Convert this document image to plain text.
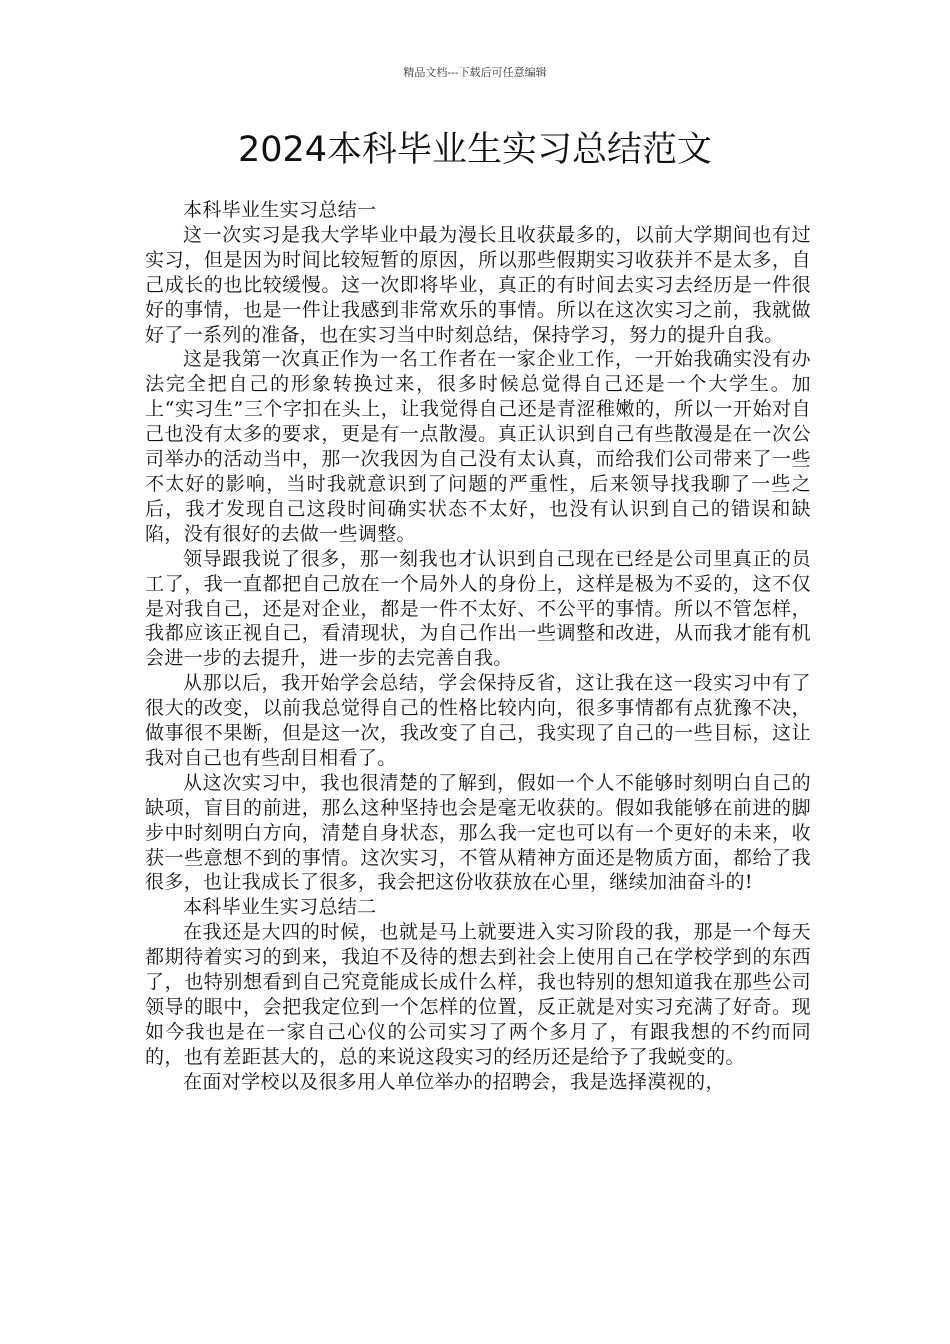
精品文档---下载后可任意编辑
2024本科毕业生实习总结范文

本科毕业生实习总结一

这一次实习是我大学毕业中最为漫长且收获最多的，以前大学期间也有过实习，但是因为时间比较短暂的原因，所以那些假期实习收获并不是太多，自己成长的也比较缓慢。这一次即将毕业，真正的有时间去实习去经历是一件很好的事情，也是一件让我感到非常欢乐的事情。所以在这次实习之前，我就做好了一系列的准备，也在实习当中时刻总结，保持学习，努力的提升自我。

这是我第一次真正作为一名工作者在一家企业工作，一开始我确实没有办法完全把自己的形象转换过来，很多时候总觉得自己还是一个大学生。加上“实习生”三个字扣在头上，让我觉得自己还是青涩稚嫩的，所以一开始对自己也没有太多的要求，更是有一点散漫。真正认识到自己有些散漫是在一次公司举办的活动当中，那一次我因为自己没有太认真，而给我们公司带来了一些不太好的影响，当时我就意识到了问题的严重性，后来领导找我聊了一些之后，我才发现自己这段时间确实状态不太好，也没有认识到自己的错误和缺陷，没有很好的去做一些调整。

领导跟我说了很多，那一刻我也才认识到自己现在已经是公司里真正的员工了，我一直都把自己放在一个局外人的身份上，这样是极为不妥的，这不仅是对我自己，还是对企业，都是一件不太好、不公平的事情。所以不管怎样，我都应该正视自己，看清现状，为自己作出一些调整和改进，从而我才能有机会进一步的去提升，进一步的去完善自我。

从那以后，我开始学会总结，学会保持反省，这让我在这一段实习中有了很大的改变，以前我总觉得自己的性格比较内向，很多事情都有点犹豫不决，做事很不果断，但是这一次，我改变了自己，我实现了自己的一些目标，这让我对自己也有些刮目相看了。

从这次实习中，我也很清楚的了解到，假如一个人不能够时刻明白自己的缺项，盲目的前进，那么这种坚持也会是毫无收获的。假如我能够在前进的脚步中时刻明白方向，清楚自身状态，那么我一定也可以有一个更好的未来，收获一些意想不到的事情。这次实习，不管从精神方面还是物质方面，都给了我很多，也让我成长了很多，我会把这份收获放在心里，继续加油奋斗的!

本科毕业生实习总结二

在我还是大四的时候，也就是马上就要进入实习阶段的我，那是一个每天都期待着实习的到来，我迫不及待的想去到社会上使用自己在学校学到的东西了，也特别想看到自己究竟能成长成什么样，我也特别的想知道我在那些公司领导的眼中，会把我定位到一个怎样的位置，反正就是对实习充满了好奇。现如今我也是在一家自己心仪的公司实习了两个多月了，有跟我想的不约而同的，也有差距甚大的，总的来说这段实习的经历还是给予了我蜕变的。

在面对学校以及很多用人单位举办的招聘会，我是选择漠视的，
